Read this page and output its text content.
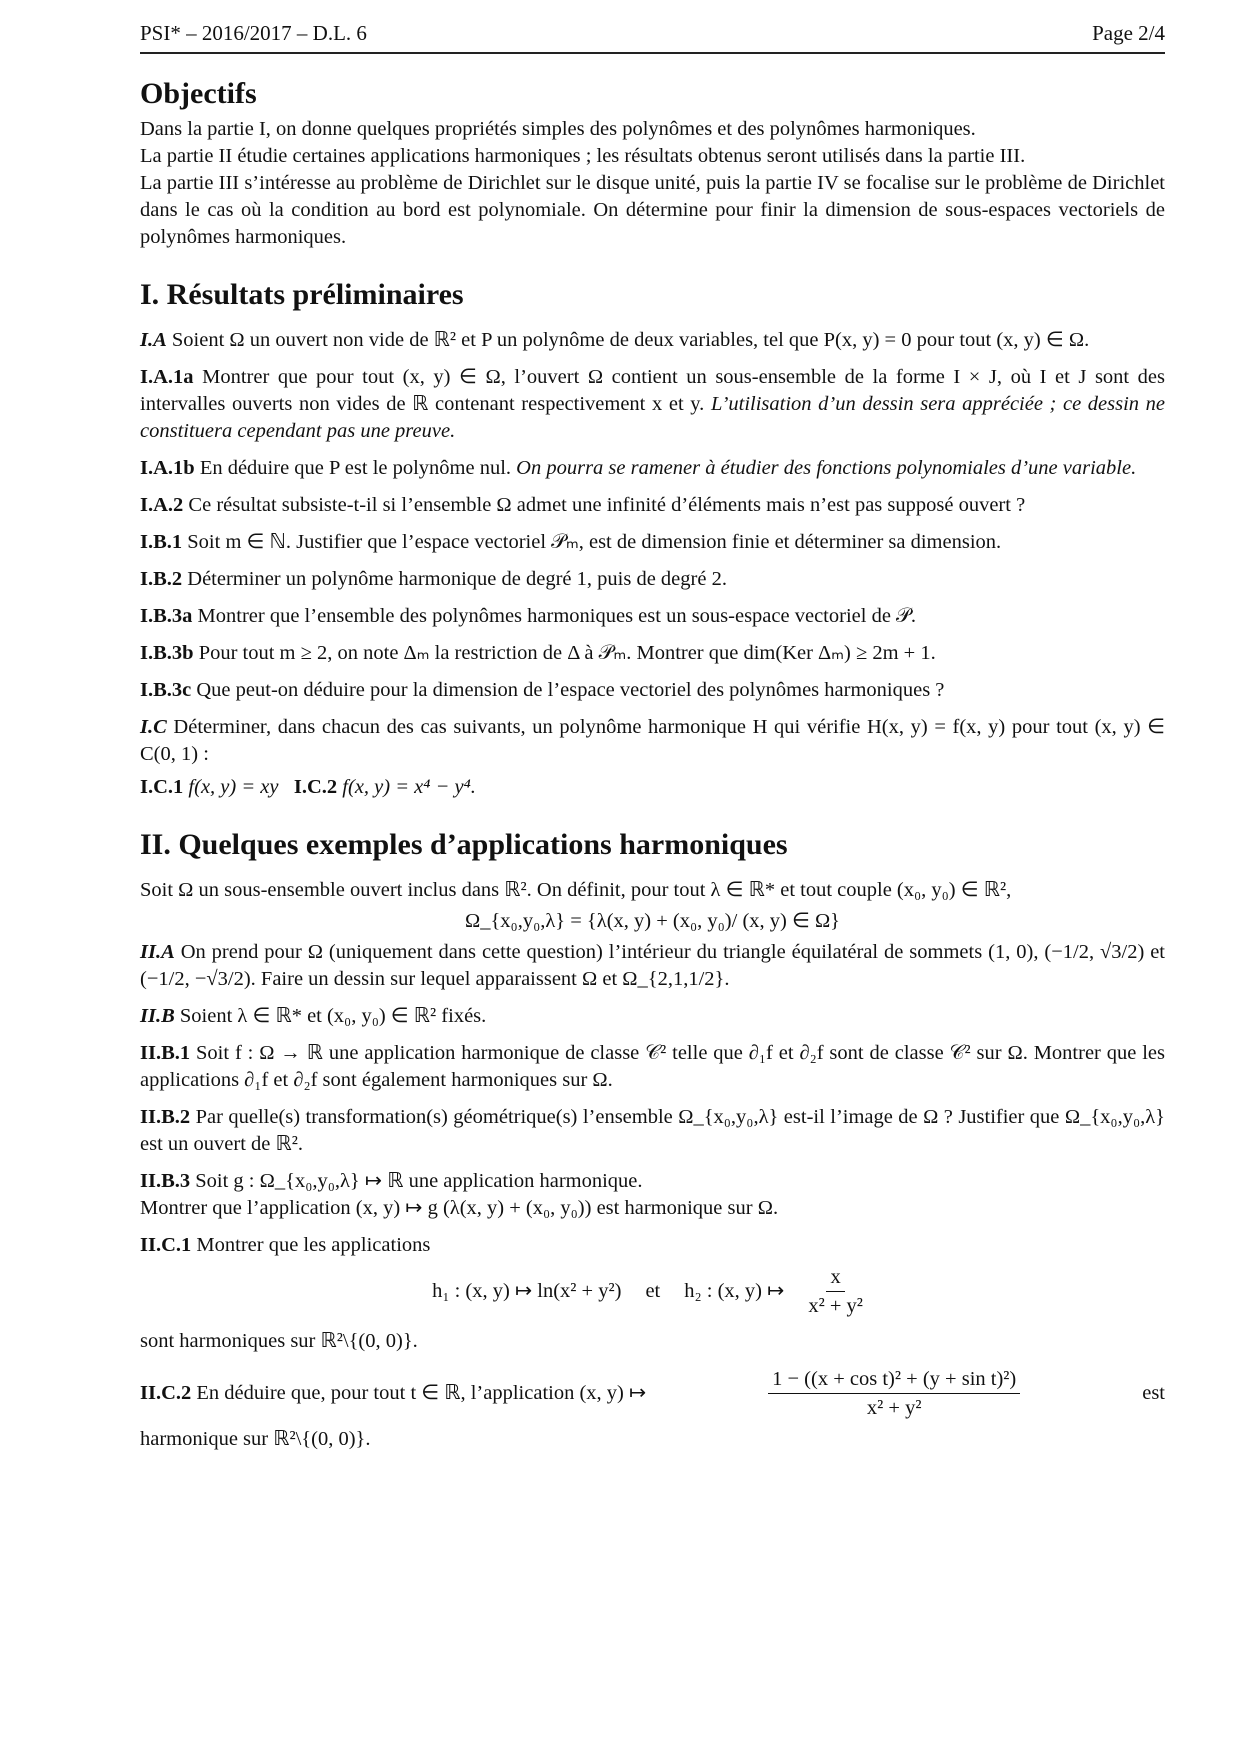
PSI* – 2016/2017 – D.L. 6	Page 2/4
Objectifs

Dans la partie I, on donne quelques propriétés simples des polynômes et des polynômes harmoniques.

La partie II étudie certaines applications harmoniques ; les résultats obtenus seront utilisés dans la partie III.

La partie III s’intéresse au problème de Dirichlet sur le disque unité, puis la partie IV se focalise sur le problème de Dirichlet dans le cas où la condition au bord est polynomiale. On détermine pour finir la dimension de sous-espaces vectoriels de polynômes harmoniques.

I. Résultats préliminaires

I.A Soient Ω un ouvert non vide de ℝ² et P un polynôme de deux variables, tel que P(x, y) = 0 pour tout (x, y) ∈ Ω.

I.A.1a Montrer que pour tout (x, y) ∈ Ω, l’ouvert Ω contient un sous-ensemble de la forme I × J, où I et J sont des intervalles ouverts non vides de ℝ contenant respectivement x et y. L’utilisation d’un dessin sera appréciée ; ce dessin ne constituera cependant pas une preuve.

I.A.1b En déduire que P est le polynôme nul. On pourra se ramener à étudier des fonctions polynomiales d’une variable.

I.A.2 Ce résultat subsiste-t-il si l’ensemble Ω admet une infinité d’éléments mais n’est pas supposé ouvert ?

I.B.1 Soit m ∈ ℕ. Justifier que l’espace vectoriel 𝒫ₘ, est de dimension finie et déterminer sa dimension.

I.B.2 Déterminer un polynôme harmonique de degré 1, puis de degré 2.

I.B.3a Montrer que l’ensemble des polynômes harmoniques est un sous-espace vectoriel de 𝒫.

I.B.3b Pour tout m ≥ 2, on note Δₘ la restriction de Δ à 𝒫ₘ. Montrer que dim(Ker Δₘ) ≥ 2m + 1.

I.B.3c Que peut-on déduire pour la dimension de l’espace vectoriel des polynômes harmoniques ?

I.C Déterminer, dans chacun des cas suivants, un polynôme harmonique H qui vérifie H(x, y) = f(x, y) pour tout (x, y) ∈ C(0, 1) :

I.C.1 f(x, y) = xy I.C.2 f(x, y) = x⁴ − y⁴.

II. Quelques exemples d’applications harmoniques

Soit Ω un sous-ensemble ouvert inclus dans ℝ². On définit, pour tout λ ∈ ℝ* et tout couple (x₀, y₀) ∈ ℝ²,

Ω_{x₀,y₀,λ} = {λ(x, y) + (x₀, y₀)/ (x, y) ∈ Ω}

II.A On prend pour Ω (uniquement dans cette question) l’intérieur du triangle équilatéral de sommets (1, 0), (−1/2, √3/2) et (−1/2, −√3/2). Faire un dessin sur lequel apparaissent Ω et Ω_{2,1,1/2}.

II.B Soient λ ∈ ℝ* et (x₀, y₀) ∈ ℝ² fixés.

II.B.1 Soit f : Ω → ℝ une application harmonique de classe 𝒞² telle que ∂₁f et ∂₂f sont de classe 𝒞² sur Ω. Montrer que les applications ∂₁f et ∂₂f sont également harmoniques sur Ω.

II.B.2 Par quelle(s) transformation(s) géométrique(s) l’ensemble Ω_{x₀,y₀,λ} est-il l’image de Ω ? Justifier que Ω_{x₀,y₀,λ} est un ouvert de ℝ².

II.B.3 Soit g : Ω_{x₀,y₀,λ} ↦ ℝ une application harmonique.
Montrer que l’application (x, y) ↦ g (λ(x, y) + (x₀, y₀)) est harmonique sur Ω.

II.C.1 Montrer que les applications

h₁ : (x, y) ↦ ln(x² + y²) et h₂ : (x, y) ↦ $\frac{x}{\text{x² + y²}}$

sont harmoniques sur ℝ²\{(0, 0)}.

II.C.2 En déduire que, pour tout t ∈ ℝ, l’application (x, y) ↦	$\frac{\text{1 − ((x + cos t)² + (y + sin t)²)}}{\text{x² + y²}}$	est

harmonique sur ℝ²\{(0, 0)}.
